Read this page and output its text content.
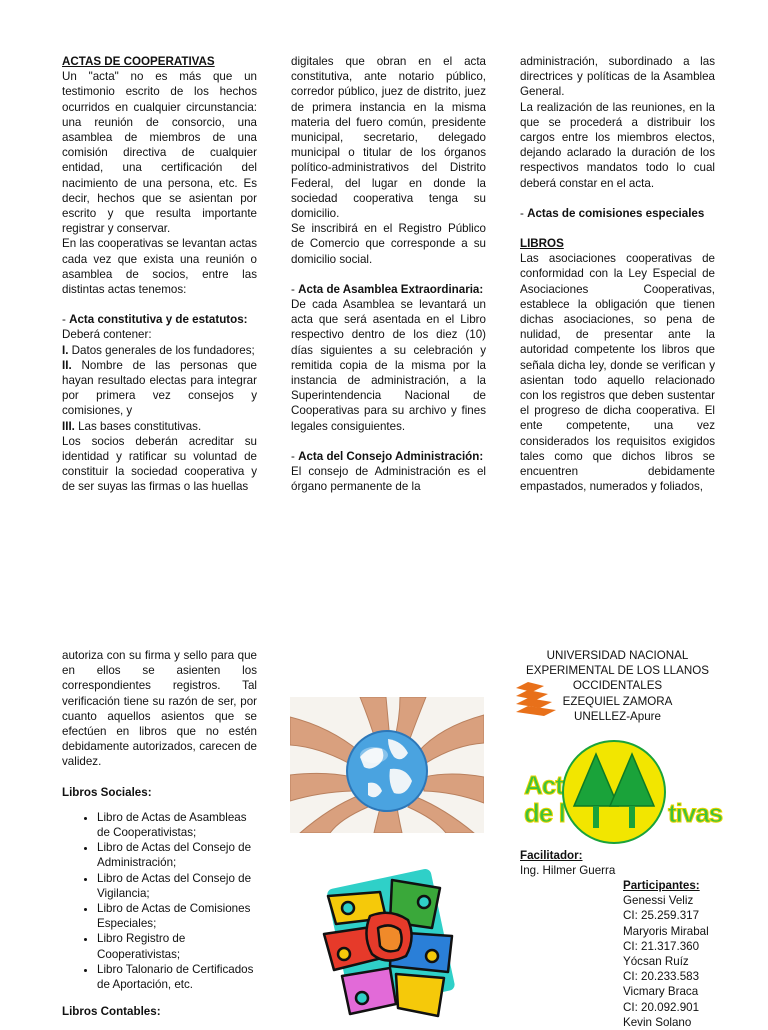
ACTAS DE COOPERATIVAS

Un "acta" no es más que un testimonio escrito de los hechos ocurridos en cualquier circunstancia: una reunión de consorcio, una asamblea de miembros de una comisión directiva de cualquier entidad, una certificación del nacimiento de una persona, etc. Es decir, hechos que se asientan por escrito y que resulta importante registrar y conservar.

En las cooperativas se levantan actas cada vez que exista una reunión o asamblea de socios, entre las distintas actas tenemos:

- Acta constitutiva y de estatutos:

Deberá contener:

I. Datos generales de los fundadores;

II. Nombre de las personas que hayan resultado electas para integrar por primera vez consejos y comisiones, y

III. Las bases constitutivas.

Los socios deberán acreditar su identidad y ratificar su voluntad de constituir la sociedad cooperativa y de ser suyas las firmas o las huellas

digitales que obran en el acta constitutiva, ante notario público, corredor público, juez de distrito, juez de primera instancia en la misma materia del fuero común, presidente municipal, secretario, delegado municipal o titular de los órganos político-administrativos del Distrito Federal, del lugar en donde la sociedad cooperativa tenga su domicilio.

Se inscribirá en el Registro Público de Comercio que corresponde a su domicilio social.

- Acta de Asamblea Extraordinaria:

De cada Asamblea se levantará un acta que será asentada en el Libro respectivo dentro de los diez (10) días siguientes a su celebración y remitida copia de la misma por la instancia de administración, a la Superintendencia Nacional de Cooperativas para su archivo y fines legales consiguientes.

- Acta del Consejo Administración:

El consejo de Administración es el órgano permanente de la

administración, subordinado a las directrices y políticas de la Asamblea General.

La realización de las reuniones, en la que se procederá a distribuir los cargos entre los miembros electos, dejando aclarado la duración de los respectivos mandatos todo lo cual deberá constar en el acta.

- Actas de comisiones especiales

LIBROS

Las asociaciones cooperativas de conformidad con la Ley Especial de Asociaciones Cooperativas, establece la obligación que tienen dichas asociaciones, so pena de nulidad, de presentar ante la autoridad competente los libros que señala dicha ley, donde se verifican y asientan todo aquello relacionado con los registros que deben sustentar el progreso de dicha cooperativa. El ente competente, una vez considerados los requisitos exigidos tales como que dichos libros se encuentren debidamente empastados, numerados y foliados,

autoriza con su firma y sello para que en ellos se asienten los correspondientes registros. Tal verificación tiene su razón de ser, por cuanto aquellos asientos que se efectúen en libros que no estén debidamente autorizados, carecen de validez.

Libros Sociales:

• Libro de Actas de Asambleas de Cooperativistas;
• Libro de Actas del Consejo de Administración;
• Libro de Actas del Consejo de Vigilancia;
• Libro de Actas de Comisiones Especiales;
• Libro Registro de Cooperativistas;
• Libro Talonario de Certificados de Aportación, etc.

Libros Contables:

UNIVERSIDAD NACIONAL

EXPERIMENTAL DE LOS LLANOS

OCCIDENTALES

EZEQUIEL ZAMORA

UNELLEZ-Apure

Act
de l	tivas

Facilitador:

Ing. Hilmer Guerra

Participantes:

Genessi Veliz

CI: 25.259.317

Maryoris Mirabal

CI: 21.317.360

Yócsan Ruíz

CI: 20.233.583

Vicmary Braca

CI: 20.092.901

Kevin Solano
